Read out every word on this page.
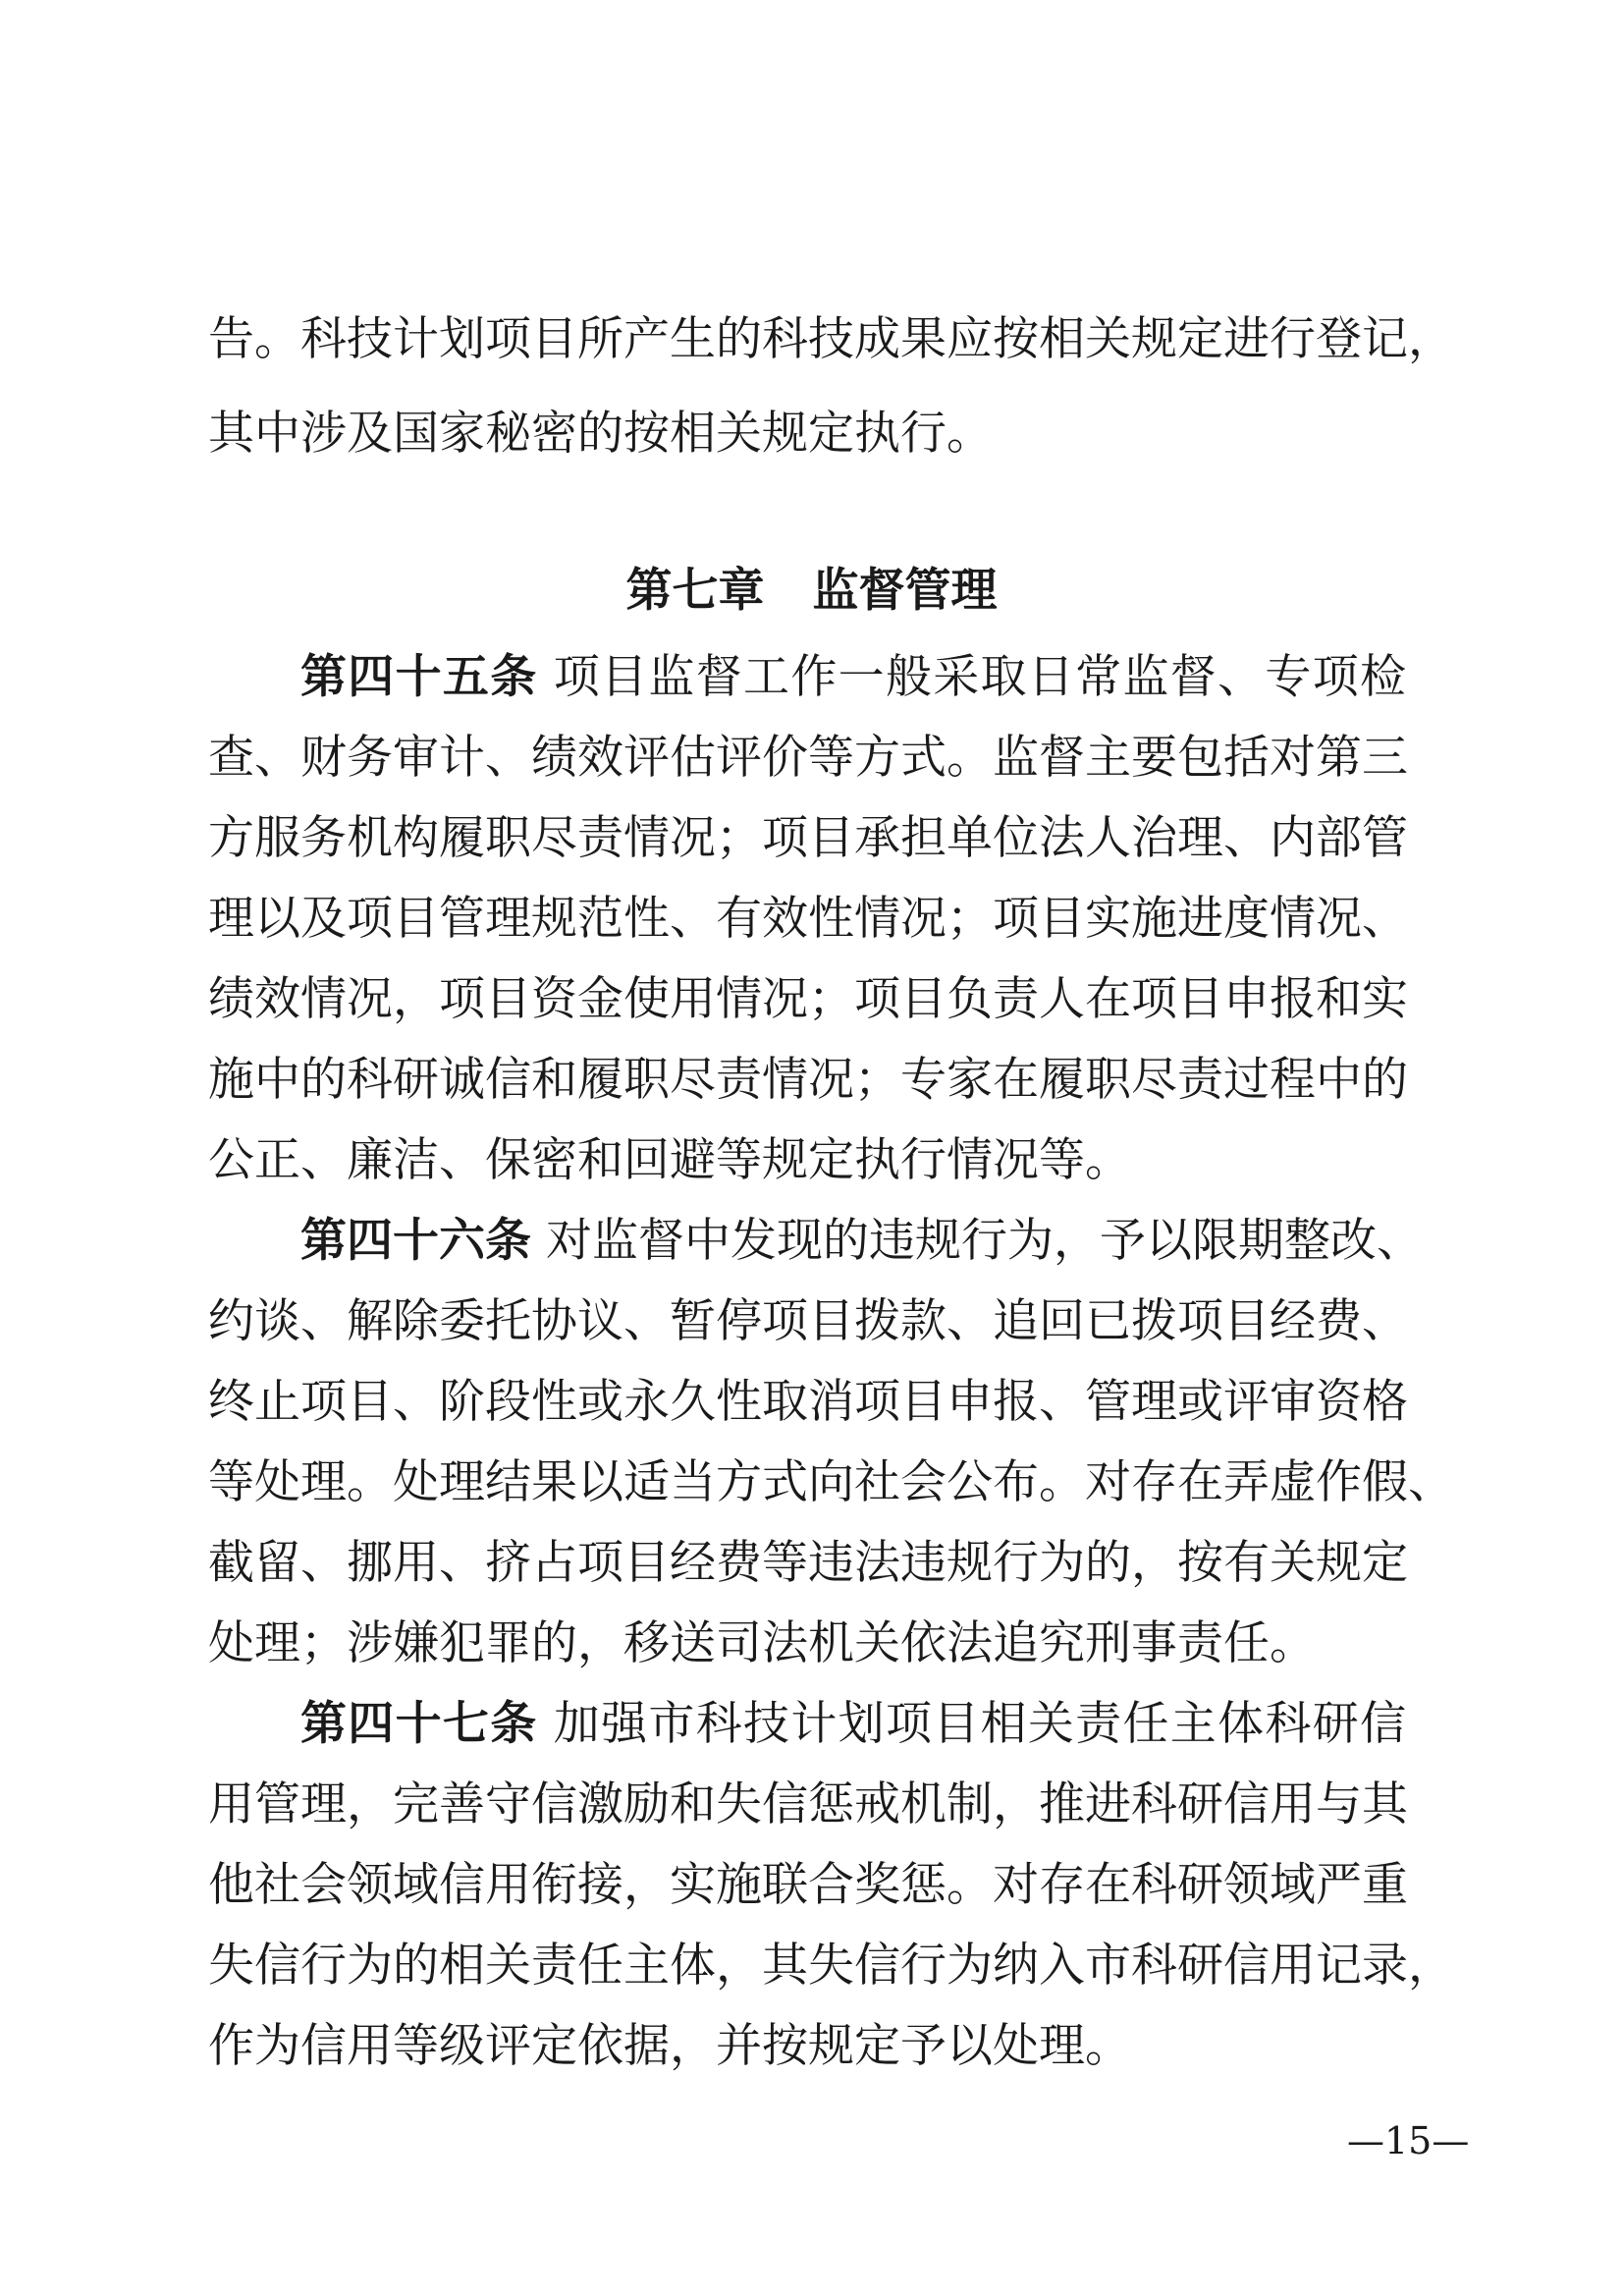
告。科技计划项目所产生的科技成果应按相关规定进行登记，
其中涉及国家秘密的按相关规定执行。
第七章 监督管理
第四十五条 项目监督工作一般采取日常监督、专项检
查、财务审计、绩效评估评价等方式。监督主要包括对第三
方服务机构履职尽责情况；项目承担单位法人治理、内部管
理以及项目管理规范性、有效性情况；项目实施进度情况、
绩效情况，项目资金使用情况；项目负责人在项目申报和实
施中的科研诚信和履职尽责情况；专家在履职尽责过程中的
公正、廉洁、保密和回避等规定执行情况等。
第四十六条 对监督中发现的违规行为，予以限期整改、
约谈、解除委托协议、暂停项目拨款、追回已拨项目经费、
终止项目、阶段性或永久性取消项目申报、管理或评审资格
等处理。处理结果以适当方式向社会公布。对存在弄虚作假、
截留、挪用、挤占项目经费等违法违规行为的，按有关规定
处理；涉嫌犯罪的，移送司法机关依法追究刑事责任。
第四十七条 加强市科技计划项目相关责任主体科研信
用管理，完善守信激励和失信惩戒机制，推进科研信用与其
他社会领域信用衔接，实施联合奖惩。对存在科研领域严重
失信行为的相关责任主体，其失信行为纳入市科研信用记录，
作为信用等级评定依据，并按规定予以处理。
—15—
